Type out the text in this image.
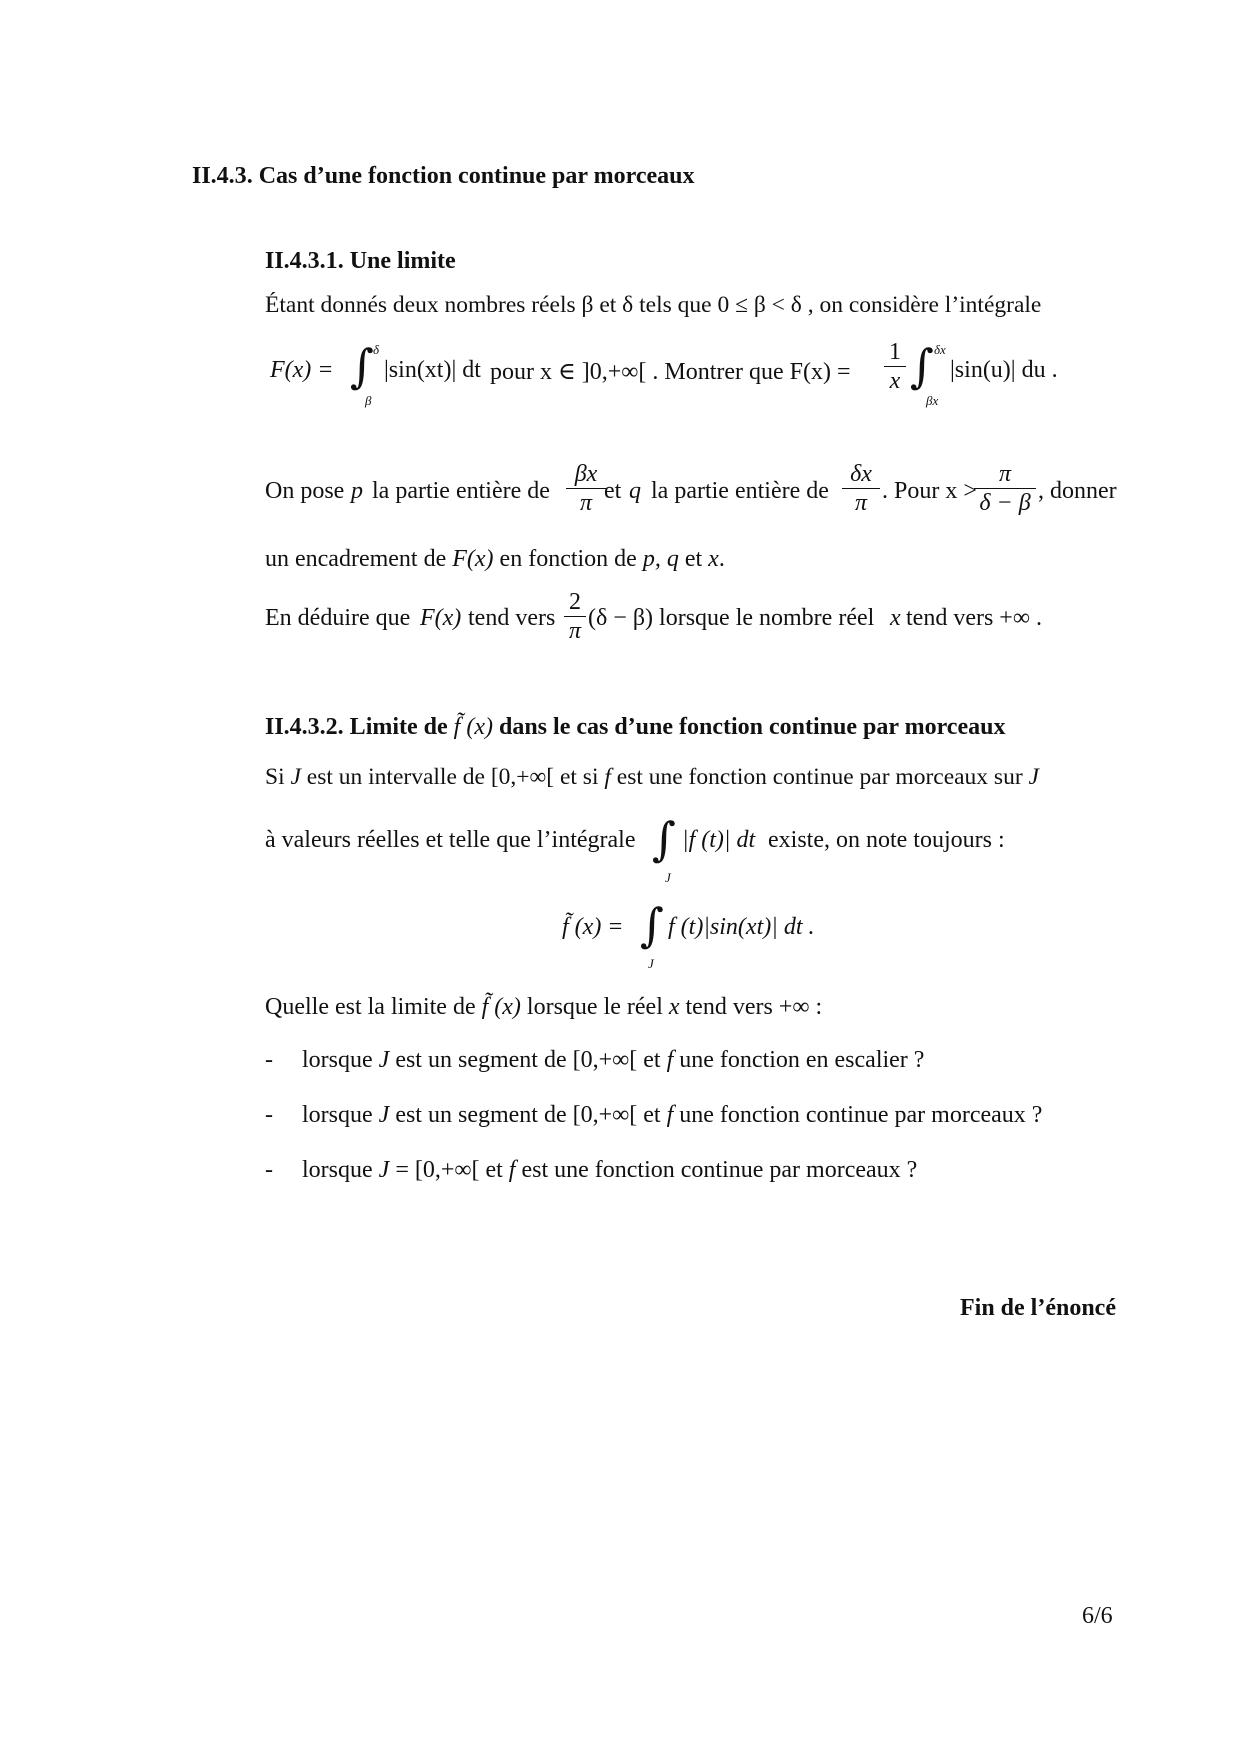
II.4.3. Cas d’une fonction continue par morceaux
II.4.3.1. Une limite
Étant donnés deux nombres réels β et δ tels que 0 ≤ β < δ , on considère l’intégrale
F(x) = ∫ δ
β
|sin(xt)| dt pour x ∈ ]0,+∞[ . Montrer que $F(x) = \frac{1}{x}$ ∫ δx
βx
|sin(u)| du .
On pose p la partie entière de $\frac{\beta x}{\pi}$
et q la partie entière de $\frac{\delta x}{\pi}$ . Pour x >
$\frac{\pi}{\delta - \beta}$ , donner
un encadrement de F(x) en fonction de p, q et x.
En déduire que F(x) tend vers $\frac{2}{\pi} (\delta - \beta)$ lorsque le nombre réel x tend vers +∞ .
II.4.3.2. Limite de f̃ (x) dans le cas d’une fonction continue par morceaux
Si J est un intervalle de [0,+∞[ et si f est une fonction continue par morceaux sur J
à valeurs réelles et telle que l’intégrale ∫
J
|f (t)| dt existe, on note toujours :
f̃ (x) = ∫
J
f (t)|sin(xt)| dt .
Quelle est la limite de f̃ (x) lorsque le réel x tend vers +∞ :
- lorsque J est un segment de [0,+∞[ et f une fonction en escalier ?
- lorsque J est un segment de [0,+∞[ et f une fonction continue par morceaux ?
- lorsque J = [0,+∞[ et f est une fonction continue par morceaux ?
Fin de l’énoncé
6/6
